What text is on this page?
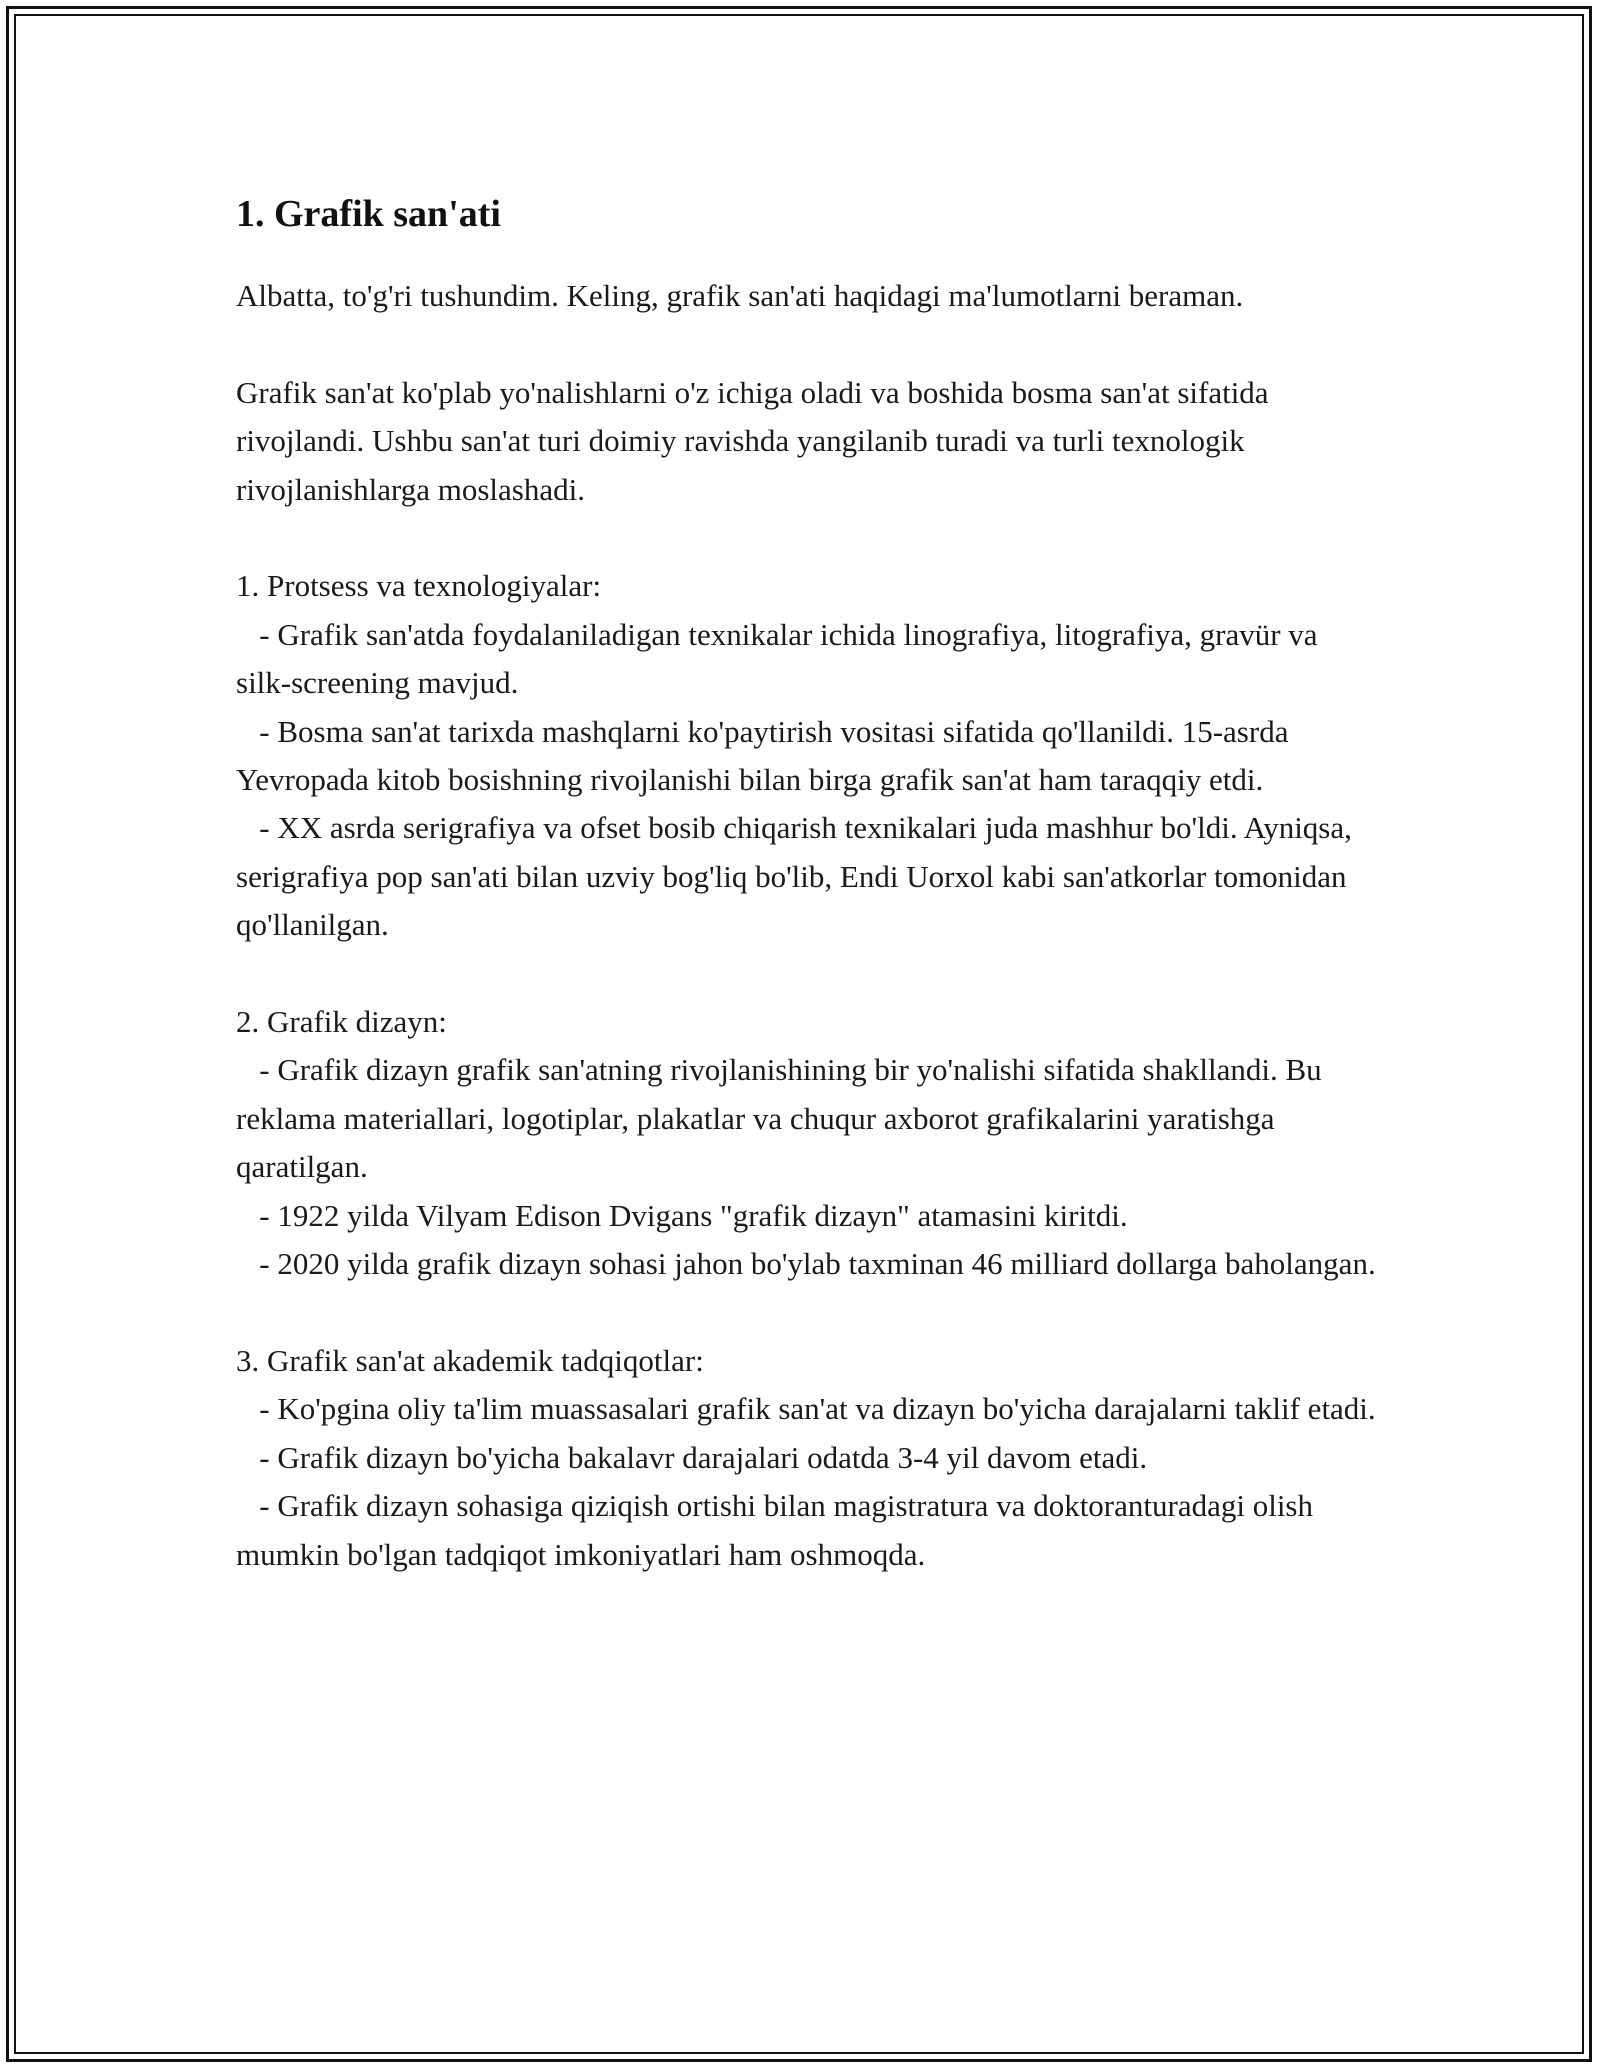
1. Grafik san'ati

Albatta, to'g'ri tushundim. Keling, grafik san'ati haqidagi ma'lumotlarni beraman.

Grafik san'at ko'plab yo'nalishlarni o'z ichiga oladi va boshida bosma san'at sifatida rivojlandi. Ushbu san'at turi doimiy ravishda yangilanib turadi va turli texnologik rivojlanishlarga moslashadi.

1. Protsess va texnologiyalar:
- Grafik san'atda foydalaniladigan texnikalar ichida linografiya, litografiya, gravür va silk-screening mavjud.
- Bosma san'at tarixda mashqlarni ko'paytirish vositasi sifatida qo'llanildi. 15-asrda Yevropada kitob bosishning rivojlanishi bilan birga grafik san'at ham taraqqiy etdi.
- XX asrda serigrafiya va ofset bosib chiqarish texnikalari juda mashhur bo'ldi. Ayniqsa, serigrafiya pop san'ati bilan uzviy bog'liq bo'lib, Endi Uorxol kabi san'atkorlar tomonidan qo'llanilgan.
2. Grafik dizayn:
- Grafik dizayn grafik san'atning rivojlanishining bir yo'nalishi sifatida shakllandi. Bu reklama materiallari, logotiplar, plakatlar va chuqur axborot grafikalarini yaratishga qaratilgan.
- 1922 yilda Vilyam Edison Dvigans "grafik dizayn" atamasini kiritdi.
- 2020 yilda grafik dizayn sohasi jahon bo'ylab taxminan 46 milliard dollarga baholangan.
3. Grafik san'at akademik tadqiqotlar:
- Ko'pgina oliy ta'lim muassasalari grafik san'at va dizayn bo'yicha darajalarni taklif etadi.
- Grafik dizayn bo'yicha bakalavr darajalari odatda 3-4 yil davom etadi.
- Grafik dizayn sohasiga qiziqish ortishi bilan magistratura va doktoranturadagi olish mumkin bo'lgan tadqiqot imkoniyatlari ham oshmoqda.
